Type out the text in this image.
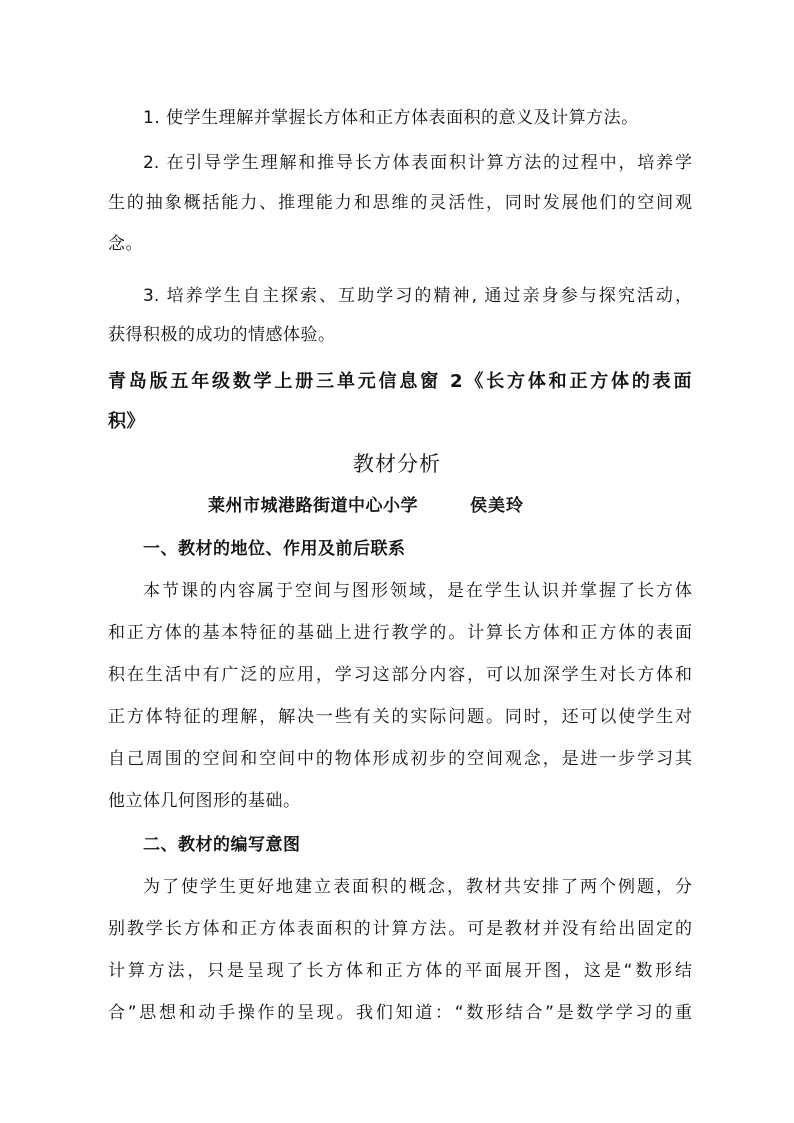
1. 使学生理解并掌握长方体和正方体表面积的意义及计算方法。
2. 在引导学生理解和推导长方体表面积计算方法的过程中，培养学
生的抽象概括能力、推理能力和思维的灵活性，同时发展他们的空间观
念。
3. 培养学生自主探索、互助学习的精神, 通过亲身参与探究活动，
获得积极的成功的情感体验。
青岛版五年级数学上册三单元信息窗 2《长方体和正方体的表面
积》
教材分析
莱州市城港路街道中心小学	侯美玲
一、教材的地位、作用及前后联系
本节课的内容属于空间与图形领域，是在学生认识并掌握了长方体
和正方体的基本特征的基础上进行教学的。计算长方体和正方体的表面
积在生活中有广泛的应用，学习这部分内容，可以加深学生对长方体和
正方体特征的理解，解决一些有关的实际问题。同时，还可以使学生对
自己周围的空间和空间中的物体形成初步的空间观念，是进一步学习其
他立体几何图形的基础。
二、教材的编写意图
为了使学生更好地建立表面积的概念，教材共安排了两个例题，分
别教学长方体和正方体表面积的计算方法。可是教材并没有给出固定的
计算方法，只是呈现了长方体和正方体的平面展开图，这是“数形结
合”思想和动手操作的呈现。我们知道：“数形结合”是数学学习的重
